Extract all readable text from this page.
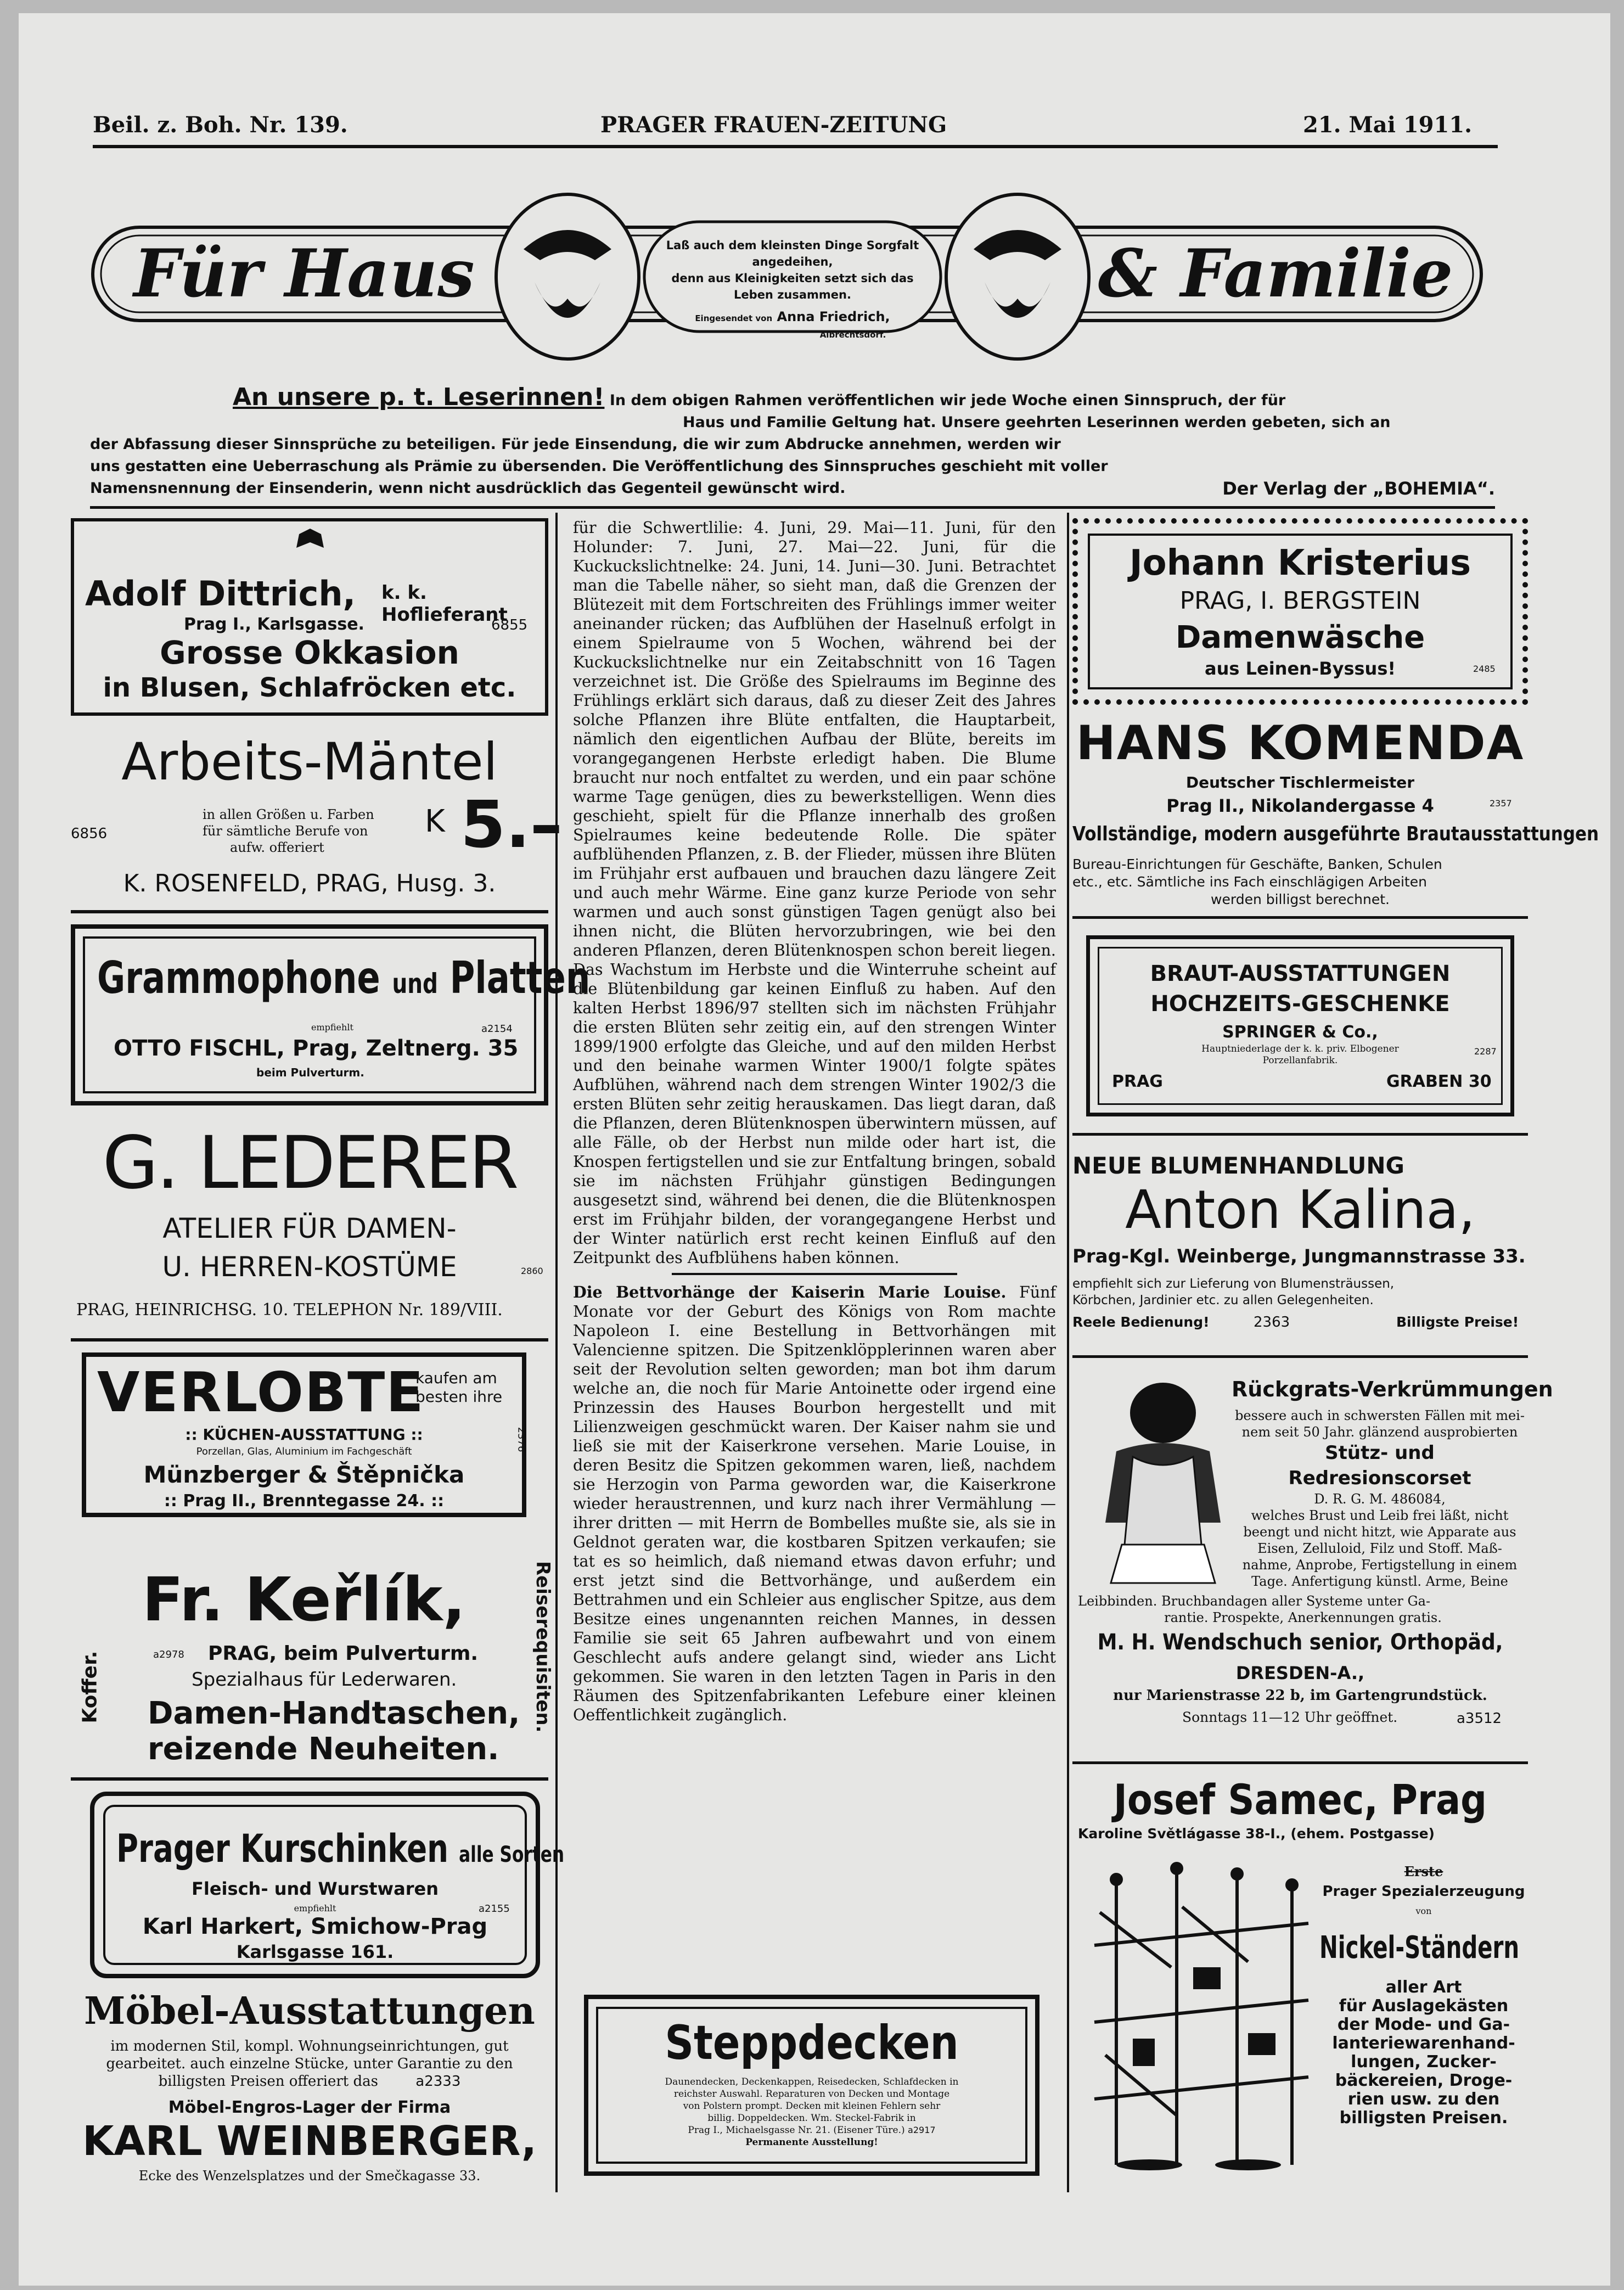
Beil. z. Boh. Nr. 139.	PRAGER FRAUEN-ZEITUNG	21. Mai 1911.
Für Haus	& Familie
Laß auch dem kleinsten Dinge Sorgfalt angedeihen,
denn aus Kleinigkeiten setzt sich das Leben zusammen.
Eingesendet von Anna Friedrich,
Albrechtsdorf.
An unsere p. t. Leserinnen! In dem obigen Rahmen veröffentlichen wir jede Woche einen Sinnspruch, der für
Haus und Familie Geltung hat. Unsere geehrten Leserinnen werden gebeten, sich an
der Abfassung dieser Sinnsprüche zu beteiligen. Für jede Einsendung, die wir zum Abdrucke annehmen, werden wir
uns gestatten eine Ueberraschung als Prämie zu übersenden. Die Veröffentlichung des Sinnspruches geschieht mit voller
Namensnennung der Einsenderin, wenn nicht ausdrücklich das Gegenteil gewünscht wird.	Der Verlag der „BOHEMIA“.
Adolf Dittrich, k. k. Hoflieferant
Prag I., Karlsgasse.	6855
Grosse Okkasion
in Blusen, Schlafröcken etc.
Arbeits-Mäntel
6856
in allen Größen u. Farben
für sämtliche Berufe von
aufw. offeriert
K 5.–
K. ROSENFELD, PRAG, Husg. 3.
Grammophone und Platten
empfiehlt	a2154
OTTO FISCHL, Prag, Zeltnerg. 35
beim Pulverturm.
G. LEDERER
ATELIER FÜR DAMEN-
U. HERREN-KOSTÜME	2860
PRAG, HEINRICHSG. 10. TELEPHON Nr. 189/VIII.
VERLOBTE
kaufen am
besten ihre
:: KÜCHEN-AUSSTATTUNG ::
Porzellan, Glas, Aluminium im Fachgeschäft
Münzberger & Štěpnička
:: Prag II., Brenntegasse 24. ::
2376
Koffer.	Reiserequisiten.
Fr. Keřlík,
a2978 PRAG, beim Pulverturm.
Spezialhaus für Lederwaren.
Damen-Handtaschen,
reizende Neuheiten.
Prager Kurschinken alle Sorten
Fleisch- und Wurstwaren
empfiehlt	a2155
Karl Harkert, Smichow-Prag
Karlsgasse 161.
Möbel-Ausstattungen
im modernen Stil, kompl. Wohnungseinrichtungen, gut
gearbeitet. auch einzelne Stücke, unter Garantie zu den
billigsten Preisen offeriert das	a2333
Möbel-Engros-Lager der Firma
KARL WEINBERGER,
Ecke des Wenzelsplatzes und der Smečkagasse 33.

für die Schwertlilie: 4. Juni, 29. Mai—11. Juni, für den Holunder: 7. Juni, 27. Mai—22. Juni, für die Kuckuckslichtnelke: 24. Juni, 14. Juni—30. Juni. Betrachtet man die Tabelle näher, so sieht man, daß die Grenzen der Blütezeit mit dem Fortschreiten des Frühlings immer weiter aneinander rücken; das Aufblühen der Haselnuß erfolgt in einem Spielraume von 5 Wochen, während bei der Kuckuckslichtnelke nur ein Zeitabschnitt von 16 Tagen verzeichnet ist. Die Größe des Spielraums im Beginne des Frühlings erklärt sich daraus, daß zu dieser Zeit des Jahres solche Pflanzen ihre Blüte entfalten, die Hauptarbeit, nämlich den eigentlichen Aufbau der Blüte, bereits im vorangegangenen Herbste erledigt haben. Die Blume braucht nur noch entfaltet zu werden, und ein paar schöne warme Tage genügen, dies zu bewerkstelligen. Wenn dies geschieht, spielt für die Pflanze innerhalb des großen Spielraumes keine bedeutende Rolle. Die später aufblühenden Pflanzen, z. B. der Flieder, müssen ihre Blüten im Frühjahr erst aufbauen und brauchen dazu längere Zeit und auch mehr Wärme. Eine ganz kurze Periode von sehr warmen und auch sonst günstigen Tagen genügt also bei ihnen nicht, die Blüten hervorzubringen, wie bei den anderen Pflanzen, deren Blütenknospen schon bereit liegen. Das Wachstum im Herbste und die Winterruhe scheint auf die Blütenbildung gar keinen Einfluß zu haben. Auf den kalten Herbst 1896/97 stellten sich im nächsten Frühjahr die ersten Blüten sehr zeitig ein, auf den strengen Winter 1899/1900 erfolgte das Gleiche, und auf den milden Herbst und den beinahe warmen Winter 1900/1 folgte spätes Aufblühen, während nach dem strengen Winter 1902/3 die ersten Blüten sehr zeitig herauskamen. Das liegt daran, daß die Pflanzen, deren Blütenknospen überwintern müssen, auf alle Fälle, ob der Herbst nun milde oder hart ist, die Knospen fertigstellen und sie zur Entfaltung bringen, sobald sie im nächsten Frühjahr günstigen Bedingungen ausgesetzt sind, während bei denen, die die Blütenknospen erst im Frühjahr bilden, der vorangegangene Herbst und der Winter natürlich erst recht keinen Einfluß auf den Zeitpunkt des Aufblühens haben können.

Die Bettvorhänge der Kaiserin Marie Louise. Fünf Monate vor der Geburt des Königs von Rom machte Napoleon I. eine Bestellung in Bettvorhängen mit Valencienne spitzen. Die Spitzenklöpplerinnen waren aber seit der Revolution selten geworden; man bot ihm darum welche an, die noch für Marie Antoinette oder irgend eine Prinzessin des Hauses Bourbon hergestellt und mit Lilienzweigen geschmückt waren. Der Kaiser nahm sie und ließ sie mit der Kaiserkrone versehen. Marie Louise, in deren Besitz die Spitzen gekommen waren, ließ, nachdem sie Herzogin von Parma geworden war, die Kaiserkrone wieder heraustrennen, und kurz nach ihrer Vermählung — ihrer dritten — mit Herrn de Bombelles mußte sie, als sie in Geldnot geraten war, die kostbaren Spitzen verkaufen; sie tat es so heimlich, daß niemand etwas davon erfuhr; und erst jetzt sind die Bettvorhänge, und außerdem ein Bettrahmen und ein Schleier aus englischer Spitze, aus dem Besitze eines ungenannten reichen Mannes, in dessen Familie sie seit 65 Jahren aufbewahrt und von einem Geschlecht aufs andere gelangt sind, wieder ans Licht gekommen. Sie waren in den letzten Tagen in Paris in den Räumen des Spitzenfabrikanten Lefebure einer kleinen Oeffentlichkeit zugänglich.

Steppdecken
Daunendecken, Deckenkappen, Reisedecken, Schlafdecken in
reichster Auswahl. Reparaturen von Decken und Montage
von Polstern prompt. Decken mit kleinen Fehlern sehr
billig. Doppeldecken. Wm. Steckel-Fabrik in
Prag I., Michaelsgasse Nr. 21. (Eisener Türe.) a2917
Permanente Ausstellung!
Johann Kristerius
PRAG, I. BERGSTEIN
Damenwäsche
aus Leinen-Byssus!	2485
HANS KOMENDA
Deutscher Tischlermeister
Prag II., Nikolandergasse 4	2357
Vollständige, modern ausgeführte Brautausstattungen
Bureau-Einrichtungen für Geschäfte, Banken, Schulen
etc., etc. Sämtliche ins Fach einschlägigen Arbeiten
werden billigst berechnet.
BRAUT-AUSSTATTUNGEN
HOCHZEITS-GESCHENKE
SPRINGER & Co.,
Hauptniederlage der k. k. priv. Elbogener
Porzellanfabrik.
2287
PRAG	GRABEN 30
NEUE BLUMENHANDLUNG
Anton Kalina,
Prag-Kgl. Weinberge, Jungmannstrasse 33.
empfiehlt sich zur Lieferung von Blumensträussen,
Körbchen, Jardinier etc. zu allen Gelegenheiten.
Reele Bedienung!	2363	Billigste Preise!
Rückgrats-Verkrümmungen
bessere auch in schwersten Fällen mit mei-
nem seit 50 Jahr. glänzend ausprobierten
Stütz- und Redresionscorset
D. R. G. M. 486084,
welches Brust und Leib frei läßt, nicht
beengt und nicht hitzt, wie Apparate aus
Eisen, Zelluloid, Filz und Stoff. Maß-
nahme, Anprobe, Fertigstellung in einem
Tage. Anfertigung künstl. Arme, Beine
Leibbinden. Bruchbandagen aller Systeme unter Ga-
rantie. Prospekte, Anerkennungen gratis.
M. H. Wendschuch senior, Orthopäd,
DRESDEN-A.,
nur Marienstrasse 22 b, im Gartengrundstück.
Sonntags 11—12 Uhr geöffnet.	a3512
Josef Samec, Prag
Karoline Světlágasse 38-I., (ehem. Postgasse)
Erste
Prager Spezialerzeugung
von
Nickel-Ständern
aller Art
für Auslagekästen
der Mode- und Ga-
lanteriewarenhand-
lungen, Zucker-
bäckereien, Droge-
rien usw. zu den
billigsten Preisen.
